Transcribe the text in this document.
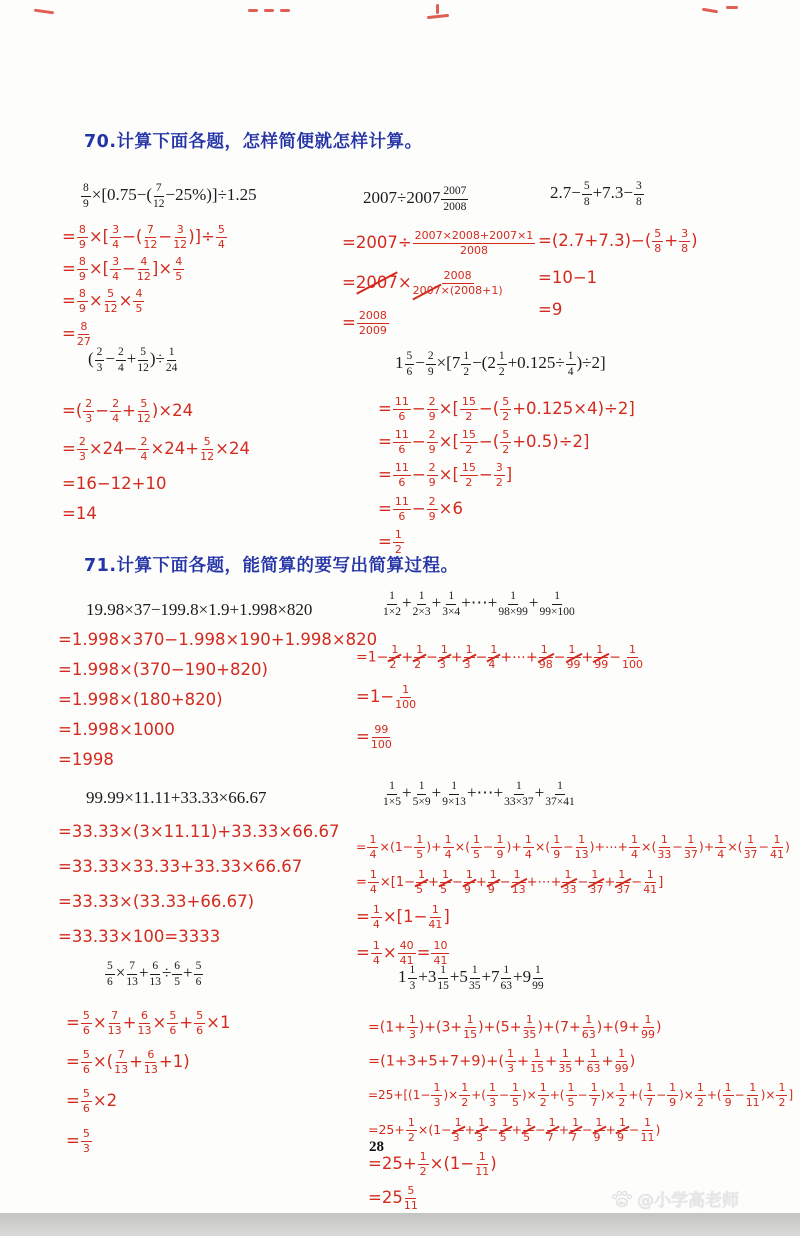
70.计算下面各题，怎样简便就怎样计算。
$\frac{8}{9} \times[0.75-( \frac{7}{12} -25\%)]\div 1.25$
= $\frac{8}{9}$ ×[ $\frac{3}{4}$ −( $\frac{7}{12} - \frac{3}{12}$ )]÷ $\frac{5}{4}$
= $\frac{8}{9}$ ×[ $\frac{3}{4} - \frac{4}{12}$ ]× $\frac{4}{5}$
= $\frac{8}{9} \times \frac{5}{12} \times \frac{4}{5}$
= $\frac{8}{27}$
( $\frac{2}{3} - \frac{2}{4} + \frac{5}{12}$ )÷ $\frac{1}{24}$
=( $\frac{2}{3} - \frac{2}{4} + \frac{5}{12} )\times 24$
= $\frac{2}{3} \times 24- \frac{2}{4} \times 24+ \frac{5}{12} \times 24$
=16−12+10
=14
$2007\div 2007 \frac{2007}{2008}$
$=2007\div \frac{2007\times 2008+2007\times 1}{2008}$
$=2007\times \frac{2008}{2007\times(2008+1)}$
= $\frac{2008}{2009}$
$2.7- \frac{5}{8} +7.3- \frac{3}{8}$
$=(2.7+7.3)-( \frac{5}{8} + \frac{3}{8}$ )
=10−1
=9
$1 \frac{5}{6} - \frac{2}{9} \times[7 \frac{1}{2} -(2 \frac{1}{2} +0.125\div \frac{1}{4} )\div 2]$
= $\frac{11}{6} - \frac{2}{9}$ ×[ $\frac{15}{2}$ −( $\frac{5}{2} +0.125\times 4)\div 2$]
= $\frac{11}{6} - \frac{2}{9}$ ×[ $\frac{15}{2}$ −( $\frac{5}{2} +0.5)\div 2$]
= $\frac{11}{6} - \frac{2}{9}$ ×[ $\frac{15}{2} - \frac{3}{2}$ ]
= $\frac{11}{6} - \frac{2}{9} \times 6$
= $\frac{1}{2}$
71.计算下面各题，能简算的要写出简算过程。
19.98×37−199.8×1.9+1.998×820
=1.998×370−1.998×190+1.998×820
=1.998×(370−190+820)
=1.998×(180+820)
=1.998×1000
=1998
99.99×11.11+33.33×66.67
=33.33×(3×11.11)+33.33×66.67
=33.33×33.33+33.33×66.67
=33.33×(33.33+66.67)
=33.33×100=3333
$\frac{5}{6} \times \frac{7}{13} + \frac{6}{13} \div \frac{6}{5} + \frac{5}{6}$
= $\frac{5}{6} \times \frac{7}{13} + \frac{6}{13} \times \frac{5}{6} + \frac{5}{6} \times 1$
= $\frac{5}{6}$ ×( $\frac{7}{13} + \frac{6}{13} +1$)
= $\frac{5}{6} \times 2$
= $\frac{5}{3}$
$\frac{1}{1\times 2} + \frac{1}{2\times 3} + \frac{1}{3\times 4}$ +⋯+ $\frac{1}{98\times 99} + \frac{1}{99\times 100}$
$=1- \frac{1}{2} + \frac{1}{2} - \frac{1}{3} + \frac{1}{3} - \frac{1}{4}$ +⋯+ $\frac{1}{98} - \frac{1}{99} + \frac{1}{99} - \frac{1}{100}$
$=1- \frac{1}{100}$
= $\frac{99}{100}$
$\frac{1}{1\times 5} + \frac{1}{5\times 9} + \frac{1}{9\times 13}$ +⋯+ $\frac{1}{33\times 37} + \frac{1}{37\times 41}$
= $\frac{1}{4} \times(1- \frac{1}{5}$ )+ $\frac{1}{4}$ ×( $\frac{1}{5} - \frac{1}{9}$ )+ $\frac{1}{4}$ ×( $\frac{1}{9} - \frac{1}{13}$ )+⋯+ $\frac{1}{4}$ ×( $\frac{1}{33} - \frac{1}{37}$ )+ $\frac{1}{4}$ ×( $\frac{1}{37} - \frac{1}{41}$ )
= $\frac{1}{4} \times[1- \frac{1}{5} + \frac{1}{5} - \frac{1}{9} + \frac{1}{9} - \frac{1}{13}$ +⋯+ $\frac{1}{33} - \frac{1}{37} + \frac{1}{37} - \frac{1}{41}$ ]
= $\frac{1}{4} \times[1- \frac{1}{41}$ ]
= $\frac{1}{4} \times \frac{40}{41} = \frac{10}{41}$
$1 \frac{1}{3} +3 \frac{1}{15} +5 \frac{1}{35} +7 \frac{1}{63} +9 \frac{1}{99}$
$=(1+ \frac{1}{3} )+(3+ \frac{1}{15} )+(5+ \frac{1}{35} )+(7+ \frac{1}{63} )+(9+ \frac{1}{99}$ )
$=(1+3+5+7+9)+( \frac{1}{3} + \frac{1}{15} + \frac{1}{35} + \frac{1}{63} + \frac{1}{99}$ )
$=25+[(1- \frac{1}{3}$ )× $\frac{1}{2}$ +( $\frac{1}{3} - \frac{1}{5}$ )× $\frac{1}{2}$ +( $\frac{1}{5} - \frac{1}{7}$ )× $\frac{1}{2}$ +( $\frac{1}{7} - \frac{1}{9}$ )× $\frac{1}{2}$ +( $\frac{1}{9} - \frac{1}{11}$ )× $\frac{1}{2}$ ]
$=25+ \frac{1}{2} \times(1- \frac{1}{3} + \frac{1}{3} - \frac{1}{5} + \frac{1}{5} - \frac{1}{7} + \frac{1}{7} - \frac{1}{9} + \frac{1}{9} - \frac{1}{11}$ )
$=25+ \frac{1}{2} \times(1- \frac{1}{11}$ )
$=25 \frac{5}{11}$
28
du @小学高老师
